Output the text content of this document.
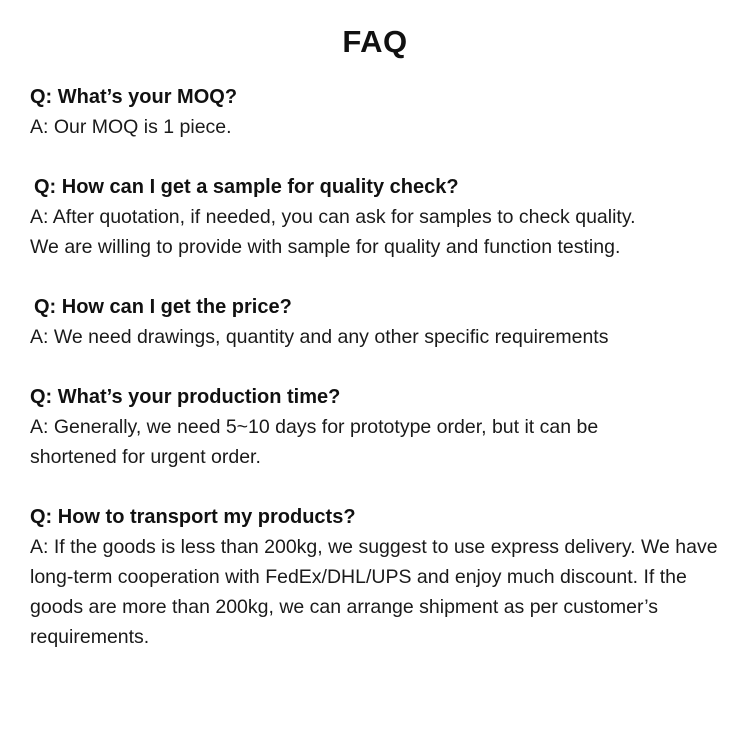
FAQ
Q: What’s your MOQ?
A: Our MOQ is 1 piece.
Q: How can I get a sample for quality check?
A: After quotation, if needed, you can ask for samples to check quality.
We are willing to provide with sample for quality and function testing.
Q: How can I get the price?
A: We need drawings, quantity and any other specific requirements
Q: What’s your production time?
A: Generally, we need 5~10 days for prototype order, but it can be
shortened for urgent order.
Q: How to transport my products?
A: If the goods is less than 200kg, we suggest to use express delivery. We have
long-term cooperation with FedEx/DHL/UPS and enjoy much discount. If the
goods are more than 200kg, we can arrange shipment as per customer’s
requirements.
